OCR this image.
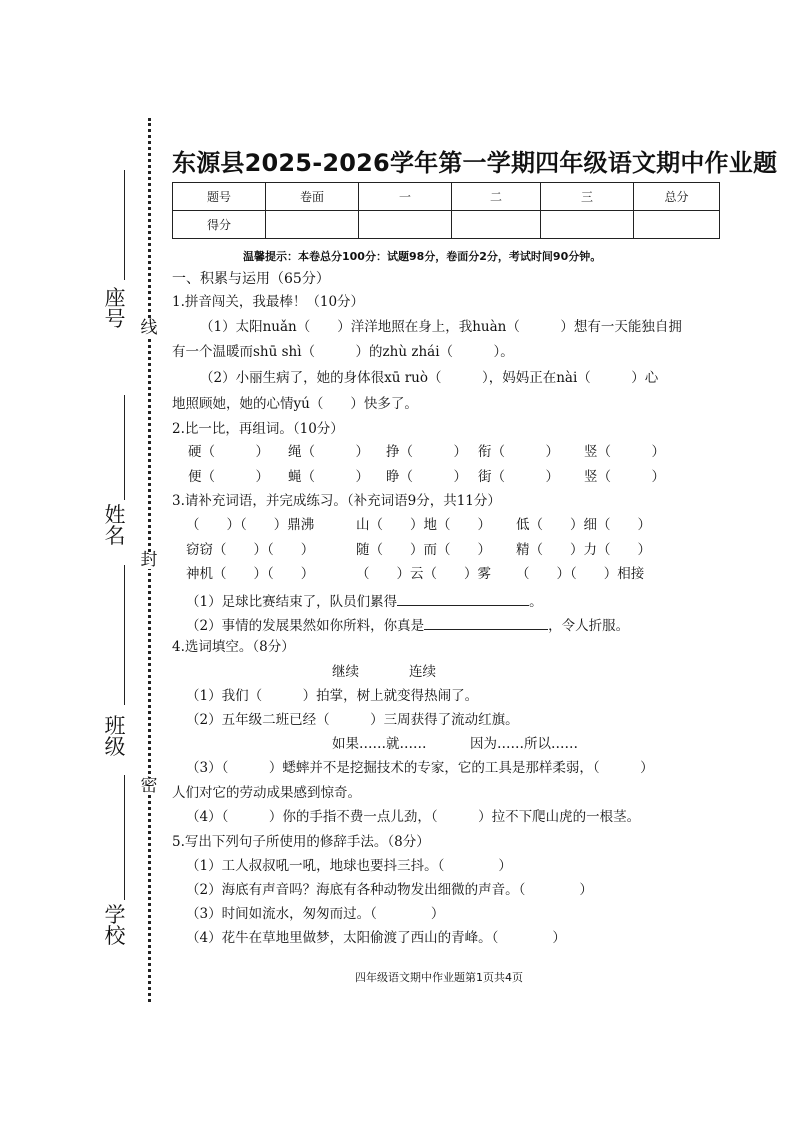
座号
姓名
班级
学校
线
封
密
东源县2025-2026学年第一学期四年级语文期中作业题
题号	卷面	一	二	三	总分
得分					
温馨提示：本卷总分100分：试题98分，卷面分2分，考试时间90分钟。
一、积累与运用（65分）
1.拼音闯关，我最棒！（10分）
（1）太阳nuǎn（　　）洋洋地照在身上，我huàn（　　　）想有一天能独自拥
有一个温暖而shū shì（　　　）的zhù zhái（　　　）。
（2）小丽生病了，她的身体很xū ruò（　　　），妈妈正在nài（　　　）心
地照顾她，她的心情yú（　　）快多了。
2.比一比，再组词。（10分）
硬（　　　） 绳（　　　） 挣（　　　） 衔（　　　） 竖（　　　）
便（　　　） 蝇（　　　） 睁（　　　） 街（　　　） 竖（　　　）
3.请补充词语，并完成练习。（补充词语9分，共11分）
（　　）（　　）鼎沸	山（　　）地（　　） 低（　　）细（　　）
窃窃（　　）（　　）	随（　　）而（　　） 精（　　）力（　　）
神机（　　）（　　）	（　　）云（　　）雾 （　　）（　　）相接
（1）足球比赛结束了，队员们累得	。
（2）事情的发展果然如你所料，你真是	，令人折服。
4.选词填空。（8分）
继续	连续
（1）我们（　　　）拍掌，树上就变得热闹了。
（2）五年级二班已经（　　　）三周获得了流动红旗。
如果……就……	因为……所以……
（3）（　　　）蟋蟀并不是挖掘技术的专家，它的工具是那样柔弱，（　　　）
人们对它的劳动成果感到惊奇。
（4）（　　　）你的手指不费一点儿劲，（　　　）拉不下爬山虎的一根茎。
5.写出下列句子所使用的修辞手法。（8分）
（1）工人叔叔吼一吼，地球也要抖三抖。（　　　　）
（2）海底有声音吗？海底有各种动物发出细微的声音。（　　　　）
（3）时间如流水，匆匆而过。（　　　　）
（4）花牛在草地里做梦，太阳偷渡了西山的青峰。（　　　　）
四年级语文期中作业题第1页共4页
